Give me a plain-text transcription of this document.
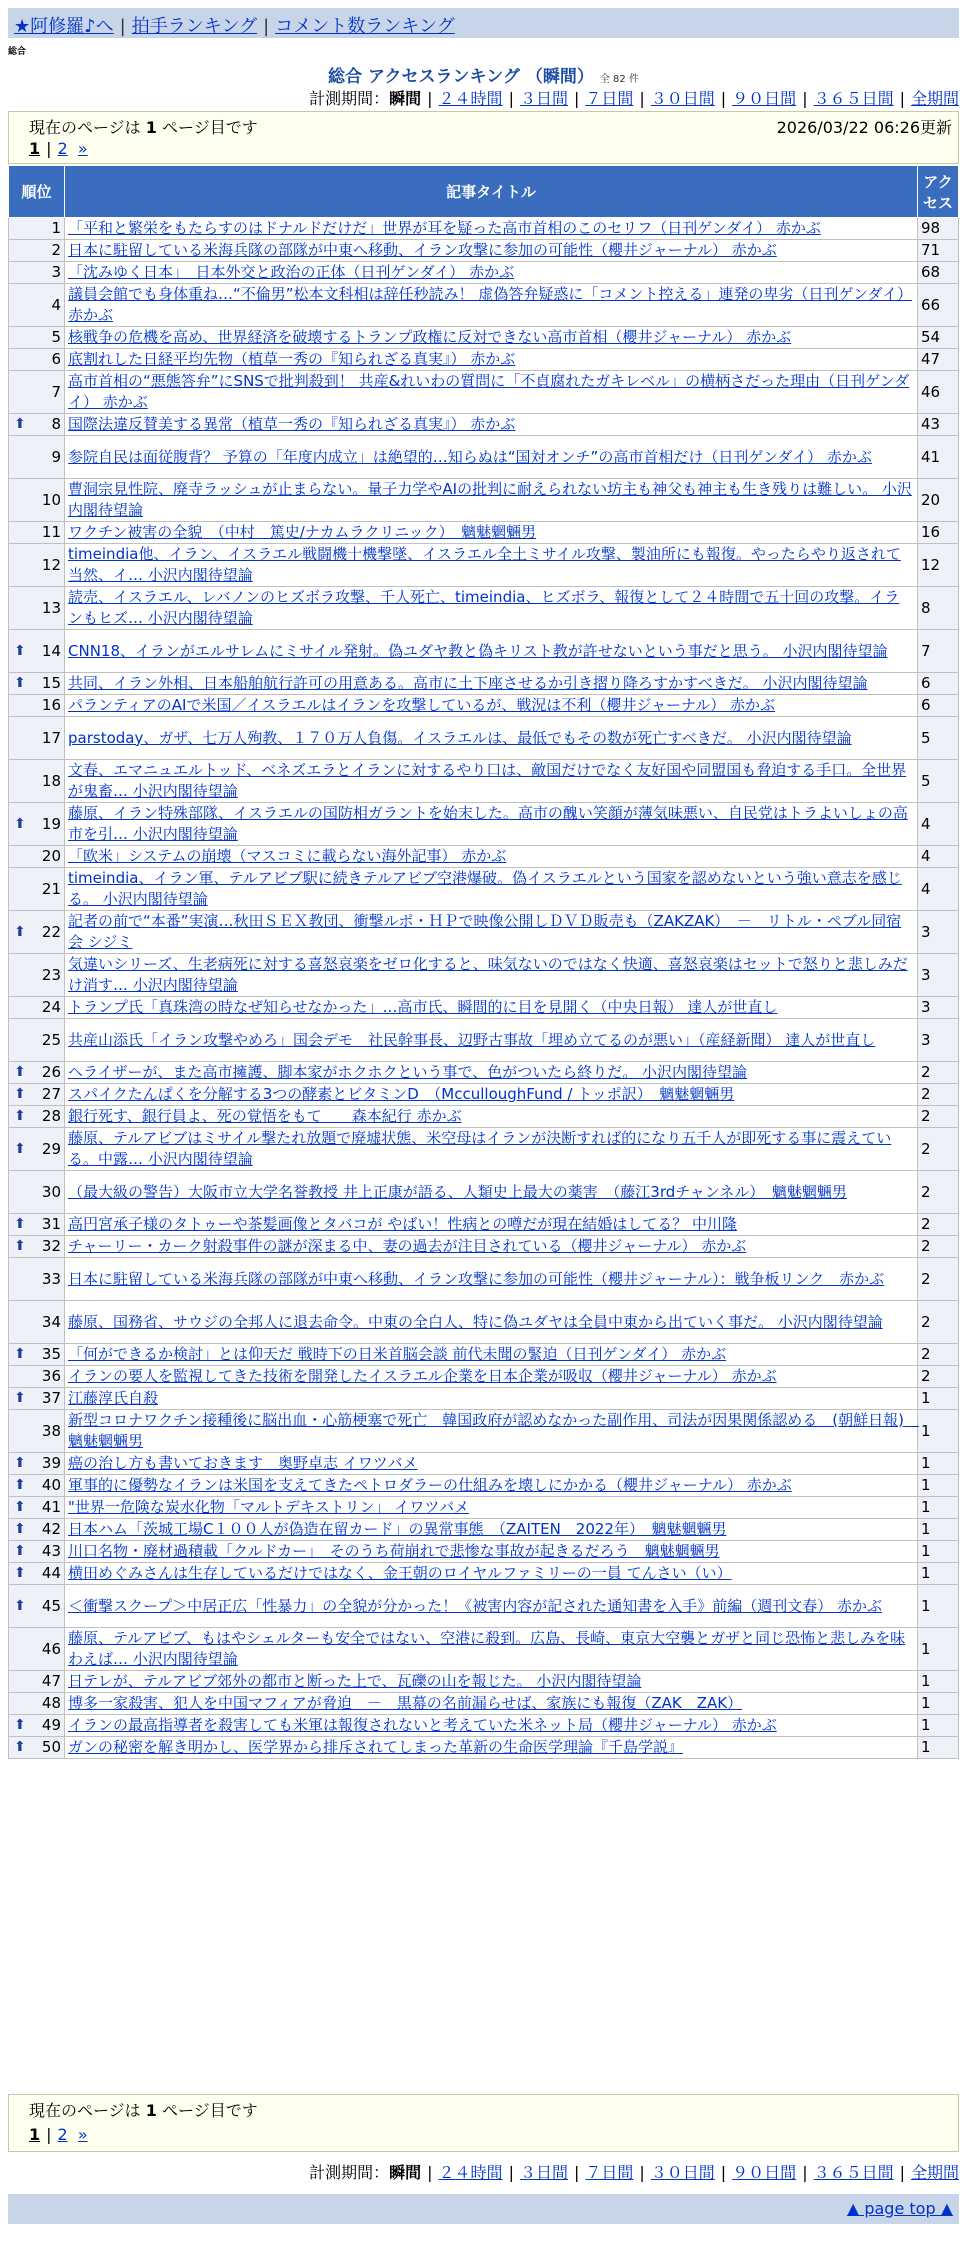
★阿修羅♪へ | 拍手ランキング | コメント数ランキング
総合
総合 アクセスランキング （瞬間） 全 82 件
計測期間：瞬間 | ２４時間 | ３日間 | ７日間 | ３０日間 | ９０日間 | ３６５日間 | 全期間
現在のページは 1 ページ目です	2026/03/22 06:26更新
1 | 2 »
順位	記事タイトル	アクセス
1	「平和と繁栄をもたらすのはドナルドだけだ」世界が耳を疑った高市首相のこのセリフ（日刊ゲンダイ） 赤かぶ	98
2	日本に駐留している米海兵隊の部隊が中東へ移動、イラン攻撃に参加の可能性（櫻井ジャーナル） 赤かぶ	71
3	「沈みゆく日本」　日本外交と政治の正体（日刊ゲンダイ） 赤かぶ	68
4	議員会館でも身体重ね…“不倫男”松本文科相は辞任秒読み！ 虚偽答弁疑惑に「コメント控える」連発の卑劣（日刊ゲンダイ） 赤かぶ	66
5	核戦争の危機を高め、世界経済を破壊するトランプ政権に反対できない高市首相（櫻井ジャーナル） 赤かぶ	54
6	底割れした日経平均先物（植草一秀の『知られざる真実』） 赤かぶ	47
7	高市首相の“悪態答弁”にSNSで批判殺到！ 共産&れいわの質問に「不貞腐れたガキレベル」の横柄さだった理由（日刊ゲンダイ） 赤かぶ	46

⬆ 8	国際法違反賛美する異常（植草一秀の『知られざる真実』） 赤かぶ	43
9	参院自民は面従腹背？ 予算の「年度内成立」は絶望的…知らぬは“国対オンチ”の高市首相だけ（日刊ゲンダイ） 赤かぶ	41
10	曹洞宗見性院、廃寺ラッシュが止まらない。量子力学やAIの批判に耐えられない坊主も神父も神主も生き残りは難しい。 小沢内閣待望論	20
11	ワクチン被害の全貌　（中村　篤史/ナカムラクリニック）　魑魅魍魎男	16
12	timeindia他、イラン、イスラエル戦闘機十機撃墜、イスラエル全土ミサイル攻撃、製油所にも報復。やったらやり返されて当然、イ… 小沢内閣待望論	12
13	読売、イスラエル、レバノンのヒズボラ攻撃、千人死亡、timeindia、ヒズボラ、報復として２４時間で五十回の攻撃。イランもヒズ… 小沢内閣待望論	8

⬆ 14	CNN18、イランがエルサレムにミサイル発射。偽ユダヤ教と偽キリスト教が許せないという事だと思う。 小沢内閣待望論	7

⬆ 15	共同、イラン外相、日本船舶航行許可の用意ある。高市に土下座させるか引き摺り降ろすかすべきだ。 小沢内閣待望論	6
16	パランティアのAIで米国／イスラエルはイランを攻撃しているが、戦況は不利（櫻井ジャーナル） 赤かぶ	6
17	parstoday、ガザ、七万人殉教、１７０万人負傷。イスラエルは、最低でもその数が死亡すべきだ。 小沢内閣待望論	5
18	文春、エマニュエルトッド、ベネズエラとイランに対するやり口は、敵国だけでなく友好国や同盟国も脅迫する手口。全世界が鬼畜… 小沢内閣待望論	5

⬆ 19	藤原、イラン特殊部隊、イスラエルの国防相ガラントを始末した。高市の醜い笑顔が薄気味悪い、自民党はトラよいしょの高市を引… 小沢内閣待望論	4
20	「欧米」システムの崩壊（マスコミに載らない海外記事） 赤かぶ	4
21	timeindia、イラン軍、テルアビブ駅に続きテルアビブ空港爆破。偽イスラエルという国家を認めないという強い意志を感じる。 小沢内閣待望論	4

⬆ 22	記者の前で“本番”実演…秋田ＳＥＸ教団、衝撃ルポ・ＨＰで映像公開しＤＶＤ販売も（ZAKZAK）　－　リトル・ペブル同宿会 シジミ	3
23	気違いシリーズ、生老病死に対する喜怒哀楽をゼロ化すると、味気ないのではなく快適、喜怒哀楽はセットで怒りと悲しみだけ消す… 小沢内閣待望論	3
24	トランプ氏「真珠湾の時なぜ知らせなかった」…高市氏、瞬間的に目を見開く（中央日報） 達人が世直し	3
25	共産山添氏「イラン攻撃やめろ」国会デモ　社民幹事長、辺野古事故「埋め立てるのが悪い」（産経新聞） 達人が世直し	3

⬆ 26	ヘライザーが、また高市擁護、脚本家がホクホクという事で、色がついたら終りだ。 小沢内閣待望論	2

⬆ 27	スパイクたんぱくを分解する3つの酵素とビタミンD　（McculloughFund / トッポ訳）　魑魅魍魎男	2

⬆ 28	銀行死す、銀行員よ、死の覚悟をもて　　森本紀行 赤かぶ	2

⬆ 29	藤原、テルアビブはミサイル撃たれ放題で廃墟状態、米空母はイランが決断すれば的になり五千人が即死する事に震えている。中露… 小沢内閣待望論	2
30	（最大級の警告）大阪市立大学名誉教授 井上正康が語る、人類史上最大の薬害　（藤江3rdチャンネル）　魑魅魍魎男	2

⬆ 31	高円宮承子様のタトゥーや茶髪画像とタバコが やばい！性病との噂だが現在結婚はしてる？ 中川隆	2

⬆ 32	チャーリー・カーク射殺事件の謎が深まる中、妻の過去が注目されている（櫻井ジャーナル） 赤かぶ	2
33	日本に駐留している米海兵隊の部隊が中東へ移動、イラン攻撃に参加の可能性（櫻井ジャーナル）：戦争板リンク　赤かぶ	2
34	藤原、国務省、サウジの全邦人に退去命令。中東の全白人、特に偽ユダヤは全員中東から出ていく事だ。 小沢内閣待望論	2

⬆ 35	「何ができるか検討」とは仰天だ 戦時下の日米首脳会談 前代未聞の緊迫（日刊ゲンダイ） 赤かぶ	2
36	イランの要人を監視してきた技術を開発したイスラエル企業を日本企業が吸収（櫻井ジャーナル） 赤かぶ	2

⬆ 37	江藤淳氏自殺	1
38	新型コロナワクチン接種後に脳出血・心筋梗塞で死亡　韓国政府が認めなかった副作用、司法が因果関係認める　(朝鮮日報)　魑魅魍魎男	1

⬆ 39	癌の治し方も書いておきます　奥野卓志 イワツバメ	1

⬆ 40	軍事的に優勢なイランは米国を支えてきたペトロダラーの仕組みを壊しにかかる（櫻井ジャーナル） 赤かぶ	1

⬆ 41	"世界一危険な炭水化物「マルトデキストリン」 イワツバメ	1

⬆ 42	日本ハム「茨城工場C１００人が偽造在留カード」の異常事態　（ZAITEN　2022年）　魑魅魍魎男	1

⬆ 43	川口名物・廃材過積載「クルドカー」　そのうち荷崩れで悲惨な事故が起きるだろう　魑魅魍魎男	1

⬆ 44	横田めぐみさんは生存しているだけではなく、金王朝のロイヤルファミリーの一員 てんさい（い）	1

⬆ 45	＜衝撃スクープ＞中居正広「性暴力」の全貌が分かった！《被害内容が記された通知書を入手》前編（週刊文春） 赤かぶ	1
46	藤原、テルアビブ、もはやシェルターも安全ではない、空港に殺到。広島、長崎、東京大空襲とガザと同じ恐怖と悲しみを味わえば… 小沢内閣待望論	1
47	日テレが、テルアビブ郊外の都市と断った上で、瓦礫の山を報じた。 小沢内閣待望論	1
48	博多一家殺害、犯人を中国マフィアが脅迫　－　黒幕の名前漏らせば、家族にも報復（ZAK　ZAK）	1

⬆ 49	イランの最高指導者を殺害しても米軍は報復されないと考えていた米ネット局（櫻井ジャーナル） 赤かぶ	1

⬆ 50	ガンの秘密を解き明かし、医学界から排斥されてしまった革新の生命医学理論『千島学説』	1
現在のページは 1 ページ目です
1 | 2 »
計測期間：瞬間 | ２４時間 | ３日間 | ７日間 | ３０日間 | ９０日間 | ３６５日間 | 全期間
▲ page top ▲
